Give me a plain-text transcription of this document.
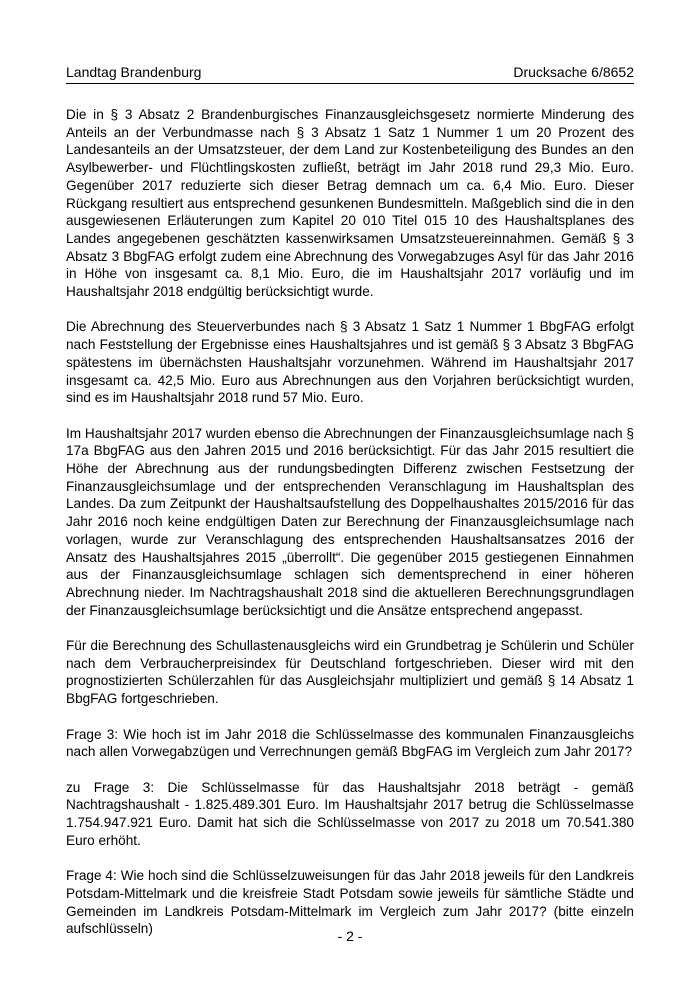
Landtag Brandenburg	Drucksache 6/8652

Die in § 3 Absatz 2 Brandenburgisches Finanzausgleichsgesetz normierte Minderung des Anteils an der Verbundmasse nach § 3 Absatz 1 Satz 1 Nummer 1 um 20 Prozent des Landesanteils an der Umsatzsteuer, der dem Land zur Kostenbeteiligung des Bundes an den Asylbewerber- und Flüchtlingskosten zufließt, beträgt im Jahr 2018 rund 29,3 Mio. Euro. Gegenüber 2017 reduzierte sich dieser Betrag demnach um ca. 6,4 Mio. Euro. Dieser Rückgang resultiert aus entsprechend gesunkenen Bundesmitteln. Maßgeblich sind die in den ausgewiesenen Erläuterungen zum Kapitel 20 010 Titel 015 10 des Haushaltsplanes des Landes angegebenen geschätzten kassenwirksamen Umsatzsteuereinnahmen. Gemäß § 3 Absatz 3 BbgFAG erfolgt zudem eine Abrechnung des Vorwegabzuges Asyl für das Jahr 2016 in Höhe von insgesamt ca. 8,1 Mio. Euro, die im Haushaltsjahr 2017 vorläufig und im Haushaltsjahr 2018 endgültig berücksichtigt wurde.

Die Abrechnung des Steuerverbundes nach § 3 Absatz 1 Satz 1 Nummer 1 BbgFAG erfolgt nach Feststellung der Ergebnisse eines Haushaltsjahres und ist gemäß § 3 Absatz 3 BbgFAG spätestens im übernächsten Haushaltsjahr vorzunehmen. Während im Haushaltsjahr 2017 insgesamt ca. 42,5 Mio. Euro aus Abrechnungen aus den Vorjahren berücksichtigt wurden, sind es im Haushaltsjahr 2018 rund 57 Mio. Euro.

Im Haushaltsjahr 2017 wurden ebenso die Abrechnungen der Finanzausgleichsumlage nach § 17a BbgFAG aus den Jahren 2015 und 2016 berücksichtigt. Für das Jahr 2015 resultiert die Höhe der Abrechnung aus der rundungsbedingten Differenz zwischen Festsetzung der Finanzausgleichsumlage und der entsprechenden Veranschlagung im Haushaltsplan des Landes. Da zum Zeitpunkt der Haushaltsaufstellung des Doppelhaushaltes 2015/2016 für das Jahr 2016 noch keine endgültigen Daten zur Berechnung der Finanzausgleichsumlage nach vorlagen, wurde zur Veranschlagung des entsprechenden Haushaltsansatzes 2016 der Ansatz des Haushaltsjahres 2015 „überrollt“. Die gegenüber 2015 gestiegenen Einnahmen aus der Finanzausgleichsumlage schlagen sich dementsprechend in einer höheren Abrechnung nieder. Im Nachtragshaushalt 2018 sind die aktuelleren Berechnungsgrundlagen der Finanzausgleichsumlage berücksichtigt und die Ansätze entsprechend angepasst.

Für die Berechnung des Schullastenausgleichs wird ein Grundbetrag je Schülerin und Schüler nach dem Verbraucherpreisindex für Deutschland fortgeschrieben. Dieser wird mit den prognostizierten Schülerzahlen für das Ausgleichsjahr multipliziert und gemäß § 14 Absatz 1 BbgFAG fortgeschrieben.

Frage 3: Wie hoch ist im Jahr 2018 die Schlüsselmasse des kommunalen Finanzausgleichs nach allen Vorwegabzügen und Verrechnungen gemäß BbgFAG im Vergleich zum Jahr 2017?

zu Frage 3: Die Schlüsselmasse für das Haushaltsjahr 2018 beträgt - gemäß Nachtragshaushalt - 1.825.489.301 Euro. Im Haushaltsjahr 2017 betrug die Schlüsselmasse 1.754.947.921 Euro. Damit hat sich die Schlüsselmasse von 2017 zu 2018 um 70.541.380 Euro erhöht.

Frage 4: Wie hoch sind die Schlüsselzuweisungen für das Jahr 2018 jeweils für den Landkreis Potsdam-Mittelmark und die kreisfreie Stadt Potsdam sowie jeweils für sämtliche Städte und Gemeinden im Landkreis Potsdam-Mittelmark im Vergleich zum Jahr 2017? (bitte einzeln aufschlüsseln)	- 2 -
